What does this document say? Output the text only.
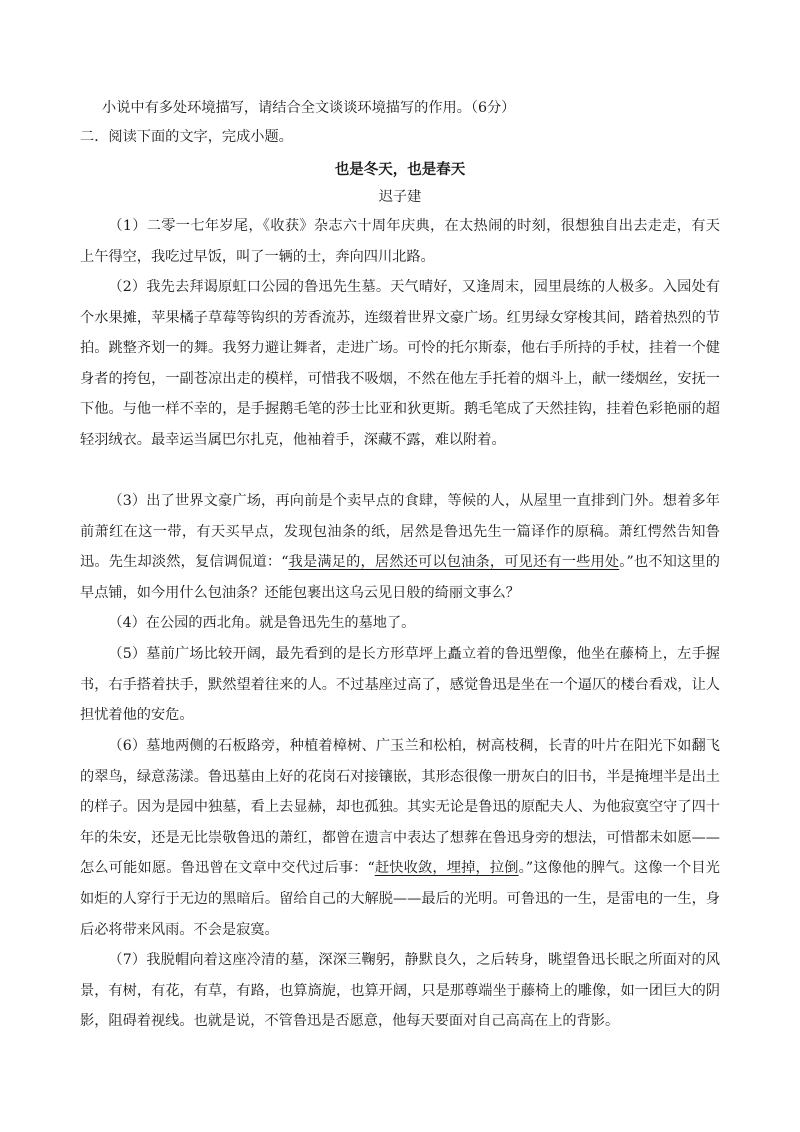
小说中有多处环境描写，请结合全文谈谈环境描写的作用。（6分）
二．阅读下面的文字，完成小题。
也是冬天，也是春天
迟子建

（1）二零一七年岁尾，《收获》杂志六十周年庆典，在太热闹的时刻，很想独自出去走走，有天上午得空，我吃过早饭，叫了一辆的士，奔向四川北路。

（2）我先去拜谒原虹口公园的鲁迅先生墓。天气晴好，又逢周末，园里晨练的人极多。入园处有个水果摊，苹果橘子草莓等钩织的芳香流苏，连缀着世界文豪广场。红男绿女穿梭其间，踏着热烈的节拍。跳整齐划一的舞。我努力避让舞者，走进广场。可怜的托尔斯泰，他右手所持的手杖，挂着一个健身者的挎包，一副苍凉出走的模样，可惜我不吸烟，不然在他左手托着的烟斗上，献一缕烟丝，安抚一下他。与他一样不幸的，是手握鹅毛笔的莎士比亚和狄更斯。鹅毛笔成了天然挂钩，挂着色彩艳丽的超轻羽绒衣。最幸运当属巴尔扎克，他袖着手，深藏不露，难以附着。

（3）出了世界文豪广场，再向前是个卖早点的食肆，等候的人，从屋里一直排到门外。想着多年前萧红在这一带，有天买早点，发现包油条的纸，居然是鲁迅先生一篇译作的原稿。萧红愕然告知鲁迅。先生却淡然，复信调侃道：“我是满足的，居然还可以包油条，可见还有一些用处。”也不知这里的早点铺，如今用什么包油条？还能包裹出这乌云见日般的绮丽文事么？

（4）在公园的西北角。就是鲁迅先生的墓地了。

（5）墓前广场比较开阔，最先看到的是长方形草坪上矗立着的鲁迅塑像，他坐在藤椅上，左手握书，右手搭着扶手，默然望着往来的人。不过基座过高了，感觉鲁迅是坐在一个逼仄的楼台看戏，让人担忧着他的安危。

（6）墓地两侧的石板路旁，种植着樟树、广玉兰和松柏，树高枝稠，长青的叶片在阳光下如翻飞的翠鸟，绿意荡漾。鲁迅墓由上好的花岗石对接镶嵌，其形态很像一册灰白的旧书，半是掩埋半是出土的样子。因为是园中独墓，看上去显赫，却也孤独。其实无论是鲁迅的原配夫人、为他寂寞空守了四十年的朱安，还是无比崇敬鲁迅的萧红，都曾在遗言中表达了想葬在鲁迅身旁的想法，可惜都未如愿——怎么可能如愿。鲁迅曾在文章中交代过后事：“赶快收敛，埋掉，拉倒。”这像他的脾气。这像一个目光如炬的人穿行于无边的黑暗后。留给自己的大解脱——最后的光明。可鲁迅的一生，是雷电的一生，身后必将带来风雨。不会是寂寞。

（7）我脱帽向着这座冷清的墓，深深三鞠躬，静默良久，之后转身，眺望鲁迅长眠之所面对的风景，有树，有花，有草，有路，也算旖旎，也算开阔，只是那尊端坐于藤椅上的雕像，如一团巨大的阴影，阻碍着视线。也就是说，不管鲁迅是否愿意，他每天要面对自己高高在上的背影。
